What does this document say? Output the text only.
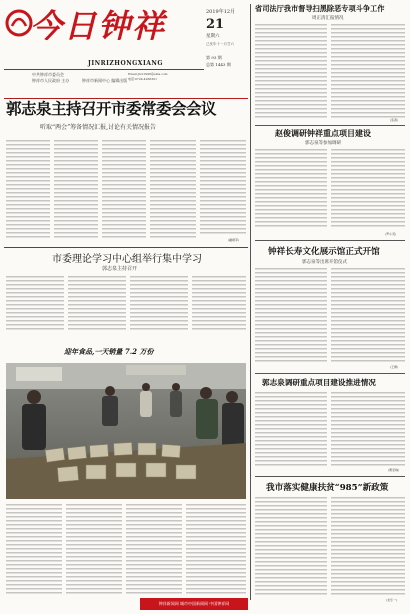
今日钟祥
JINRIZHONGXIANG
中共钟祥市委员会
钟祥市人民政府 主办	钟祥市新闻中心 编辑出版
Email:jrzx1998@sina.com
电话:0724-4266301
2019年12月
21
星期六
己亥年十一月廿六
第 93 期
总第 1443 期
郭志泉主持召开市委常委会会议
听取“两会”筹备情况汇报,讨论有关情况报告
(戴朝军)
市委理论学习中心组举行集中学习
郭志泉主持召开
迎年食品,一天销量 7.2 万份
省司法厅我市督导扫黑除恶专项斗争工作
周正清汇报情况
(张燕)
赵俊调研钟祥重点项目建设
郭志泉等参加调研
(罗小英)
钟祥长寿文化展示馆正式开馆
郭志泉等出席开馆仪式
(王柳)
郭志泉调研重点项目建设推进情况
(曹宏峰)
我市落实健康扶贫“985”新政策
(龙乐一)
钟祥新闻网 城市中国新闻网 中国钟祥网
